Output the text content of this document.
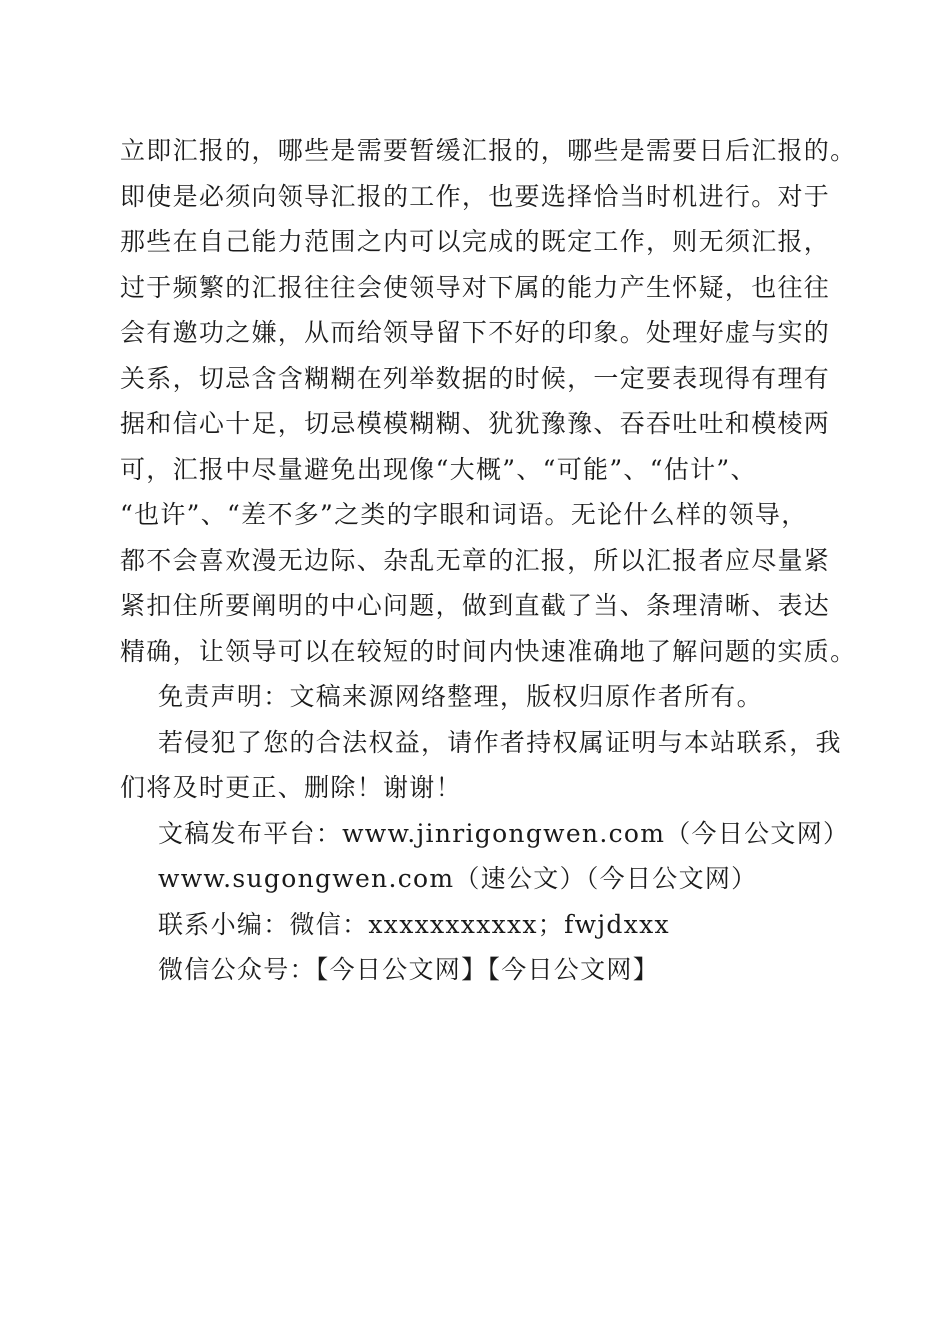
立即汇报的，哪些是需要暂缓汇报的，哪些是需要日后汇报的。
即使是必须向领导汇报的工作，也要选择恰当时机进行。对于
那些在自己能力范围之内可以完成的既定工作，则无须汇报，
过于频繁的汇报往往会使领导对下属的能力产生怀疑，也往往
会有邀功之嫌，从而给领导留下不好的印象。处理好虚与实的
关系，切忌含含糊糊在列举数据的时候，一定要表现得有理有
据和信心十足，切忌模模糊糊、犹犹豫豫、吞吞吐吐和模棱两
可，汇报中尽量避免出现像“大概”、“可能”、“估计”、
“也许”、“差不多”之类的字眼和词语。无论什么样的领导，
都不会喜欢漫无边际、杂乱无章的汇报，所以汇报者应尽量紧
紧扣住所要阐明的中心问题，做到直截了当、条理清晰、表达
精确，让领导可以在较短的时间内快速准确地了解问题的实质。
免责声明：文稿来源网络整理，版权归原作者所有。
若侵犯了您的合法权益，请作者持权属证明与本站联系，我
们将及时更正、删除！谢谢！
文稿发布平台：www.jinrigongwen.com（今日公文网）
www.sugongwen.com（速公文）（今日公文网）
联系小编：微信：xxxxxxxxxxx；fwjdxxx
微信公众号：【今日公文网】【今日公文网】
